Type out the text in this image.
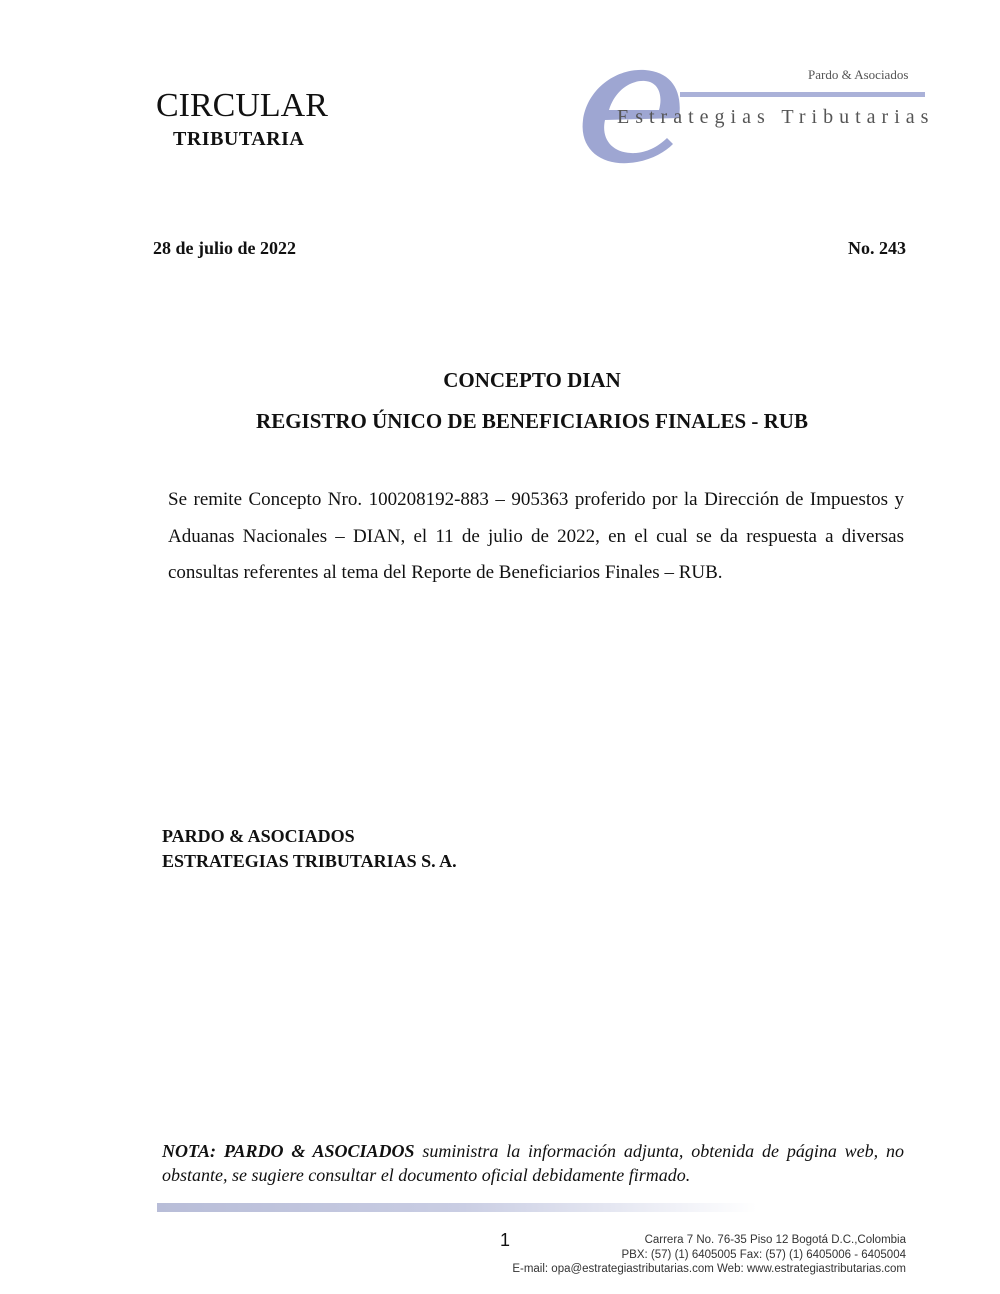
CIRCULAR
TRIBUTARIA
Pardo & Asociados
Estrategias Tributarias
28 de julio de 2022	No. 243
CONCEPTO DIAN
REGISTRO ÚNICO DE BENEFICIARIOS FINALES - RUB
Se remite Concepto Nro. 100208192-883 – 905363 proferido por la Dirección de Impuestos y Aduanas Nacionales – DIAN, el 11 de julio de 2022, en el cual se da respuesta a diversas consultas referentes al tema del Reporte de Beneficiarios Finales – RUB.
PARDO & ASOCIADOS
ESTRATEGIAS TRIBUTARIAS S. A.
NOTA: PARDO & ASOCIADOS suministra la información adjunta, obtenida de página web, no obstante, se sugiere consultar el documento oficial debidamente firmado.
1	Carrera 7 No. 76-35 Piso 12 Bogotá D.C.,Colombia
PBX: (57) (1) 6405005 Fax: (57) (1) 6405006 - 6405004
E-mail: opa@estrategiastributarias.com Web: www.estrategiastributarias.com
